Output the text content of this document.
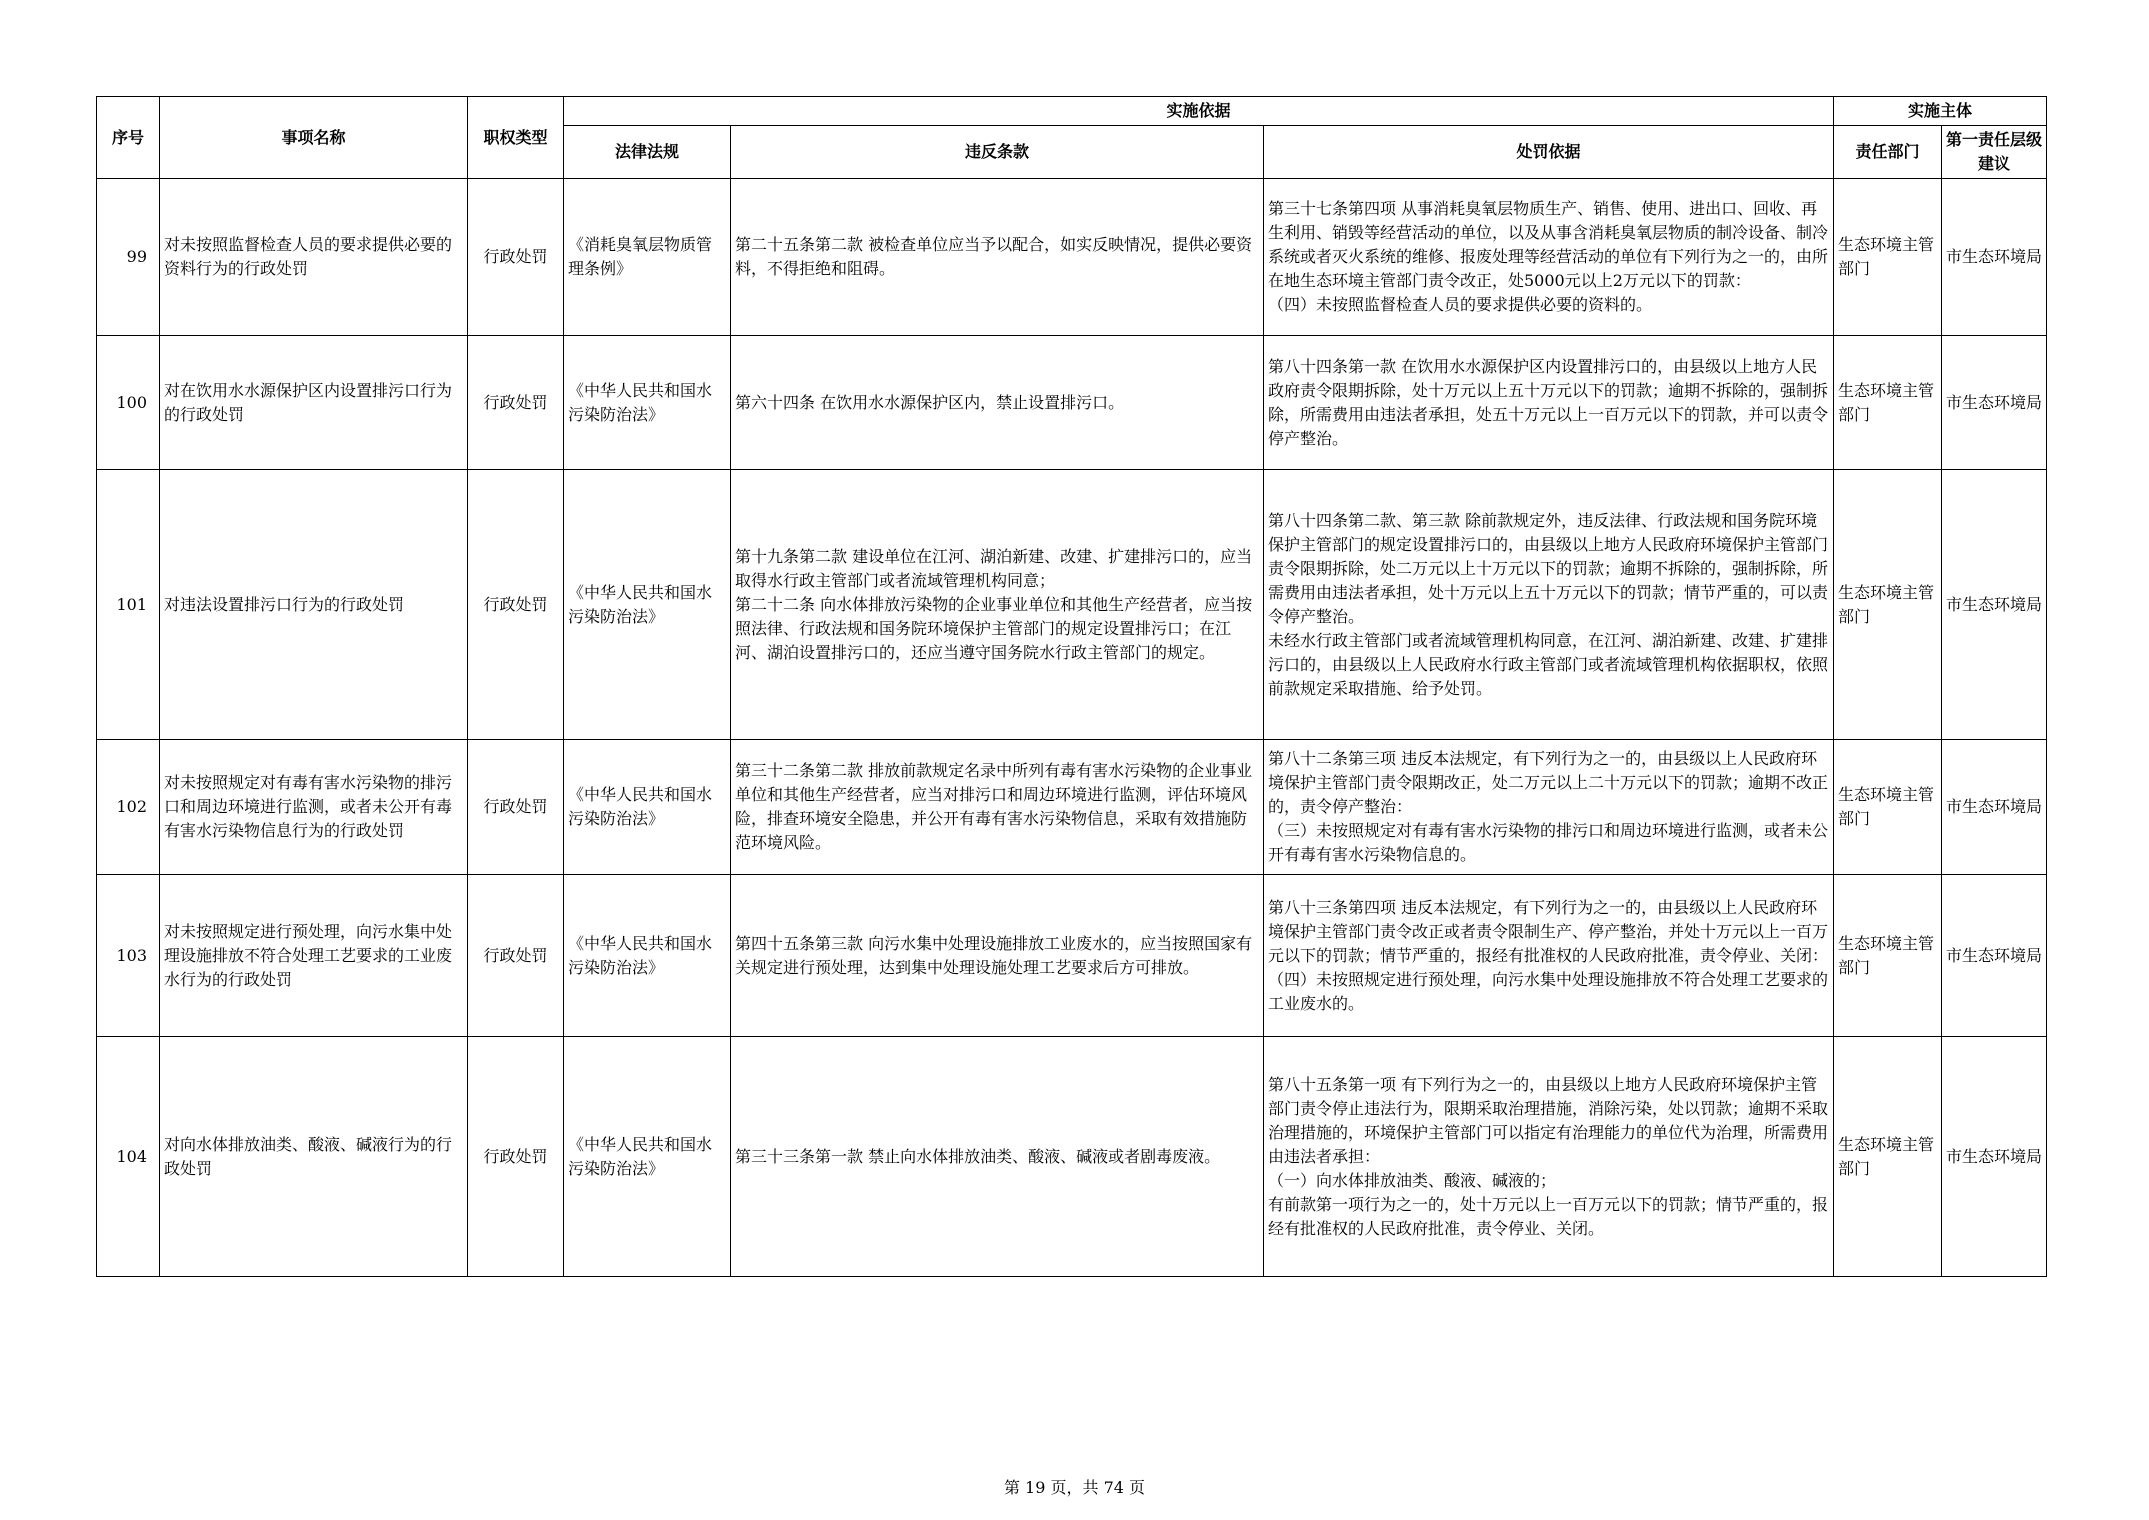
序号	事项名称	职权类型	实施依据			实施主体	
			法律法规	违反条款	处罚依据	责任部门	第一责任层级建议
99	对未按照监督检查人员的要求提供必要的资料行为的行政处罚	行政处罚	《消耗臭氧层物质管理条例》	第二十五条第二款 被检查单位应当予以配合，如实反映情况，提供必要资料，不得拒绝和阻碍。	第三十七条第四项 从事消耗臭氧层物质生产、销售、使用、进出口、回收、再生利用、销毁等经营活动的单位，以及从事含消耗臭氧层物质的制冷设备、制冷系统或者灭火系统的维修、报废处理等经营活动的单位有下列行为之一的，由所在地生态环境主管部门责令改正，处5000元以上2万元以下的罚款：
（四）未按照监督检查人员的要求提供必要的资料的。	生态环境主管部门	市生态环境局
100	对在饮用水水源保护区内设置排污口行为的行政处罚	行政处罚	《中华人民共和国水污染防治法》	第六十四条 在饮用水水源保护区内，禁止设置排污口。	第八十四条第一款 在饮用水水源保护区内设置排污口的，由县级以上地方人民政府责令限期拆除，处十万元以上五十万元以下的罚款；逾期不拆除的，强制拆除，所需费用由违法者承担，处五十万元以上一百万元以下的罚款，并可以责令停产整治。	生态环境主管部门	市生态环境局
101	对违法设置排污口行为的行政处罚	行政处罚	《中华人民共和国水污染防治法》	第十九条第二款 建设单位在江河、湖泊新建、改建、扩建排污口的，应当取得水行政主管部门或者流域管理机构同意；
第二十二条 向水体排放污染物的企业事业单位和其他生产经营者，应当按照法律、行政法规和国务院环境保护主管部门的规定设置排污口；在江河、湖泊设置排污口的，还应当遵守国务院水行政主管部门的规定。	第八十四条第二款、第三款 除前款规定外，违反法律、行政法规和国务院环境保护主管部门的规定设置排污口的，由县级以上地方人民政府环境保护主管部门责令限期拆除，处二万元以上十万元以下的罚款；逾期不拆除的，强制拆除，所需费用由违法者承担，处十万元以上五十万元以下的罚款；情节严重的，可以责令停产整治。
未经水行政主管部门或者流域管理机构同意，在江河、湖泊新建、改建、扩建排污口的，由县级以上人民政府水行政主管部门或者流域管理机构依据职权，依照前款规定采取措施、给予处罚。	生态环境主管部门	市生态环境局
102	对未按照规定对有毒有害水污染物的排污口和周边环境进行监测，或者未公开有毒有害水污染物信息行为的行政处罚	行政处罚	《中华人民共和国水污染防治法》	第三十二条第二款 排放前款规定名录中所列有毒有害水污染物的企业事业单位和其他生产经营者，应当对排污口和周边环境进行监测，评估环境风险，排查环境安全隐患，并公开有毒有害水污染物信息，采取有效措施防范环境风险。	第八十二条第三项 违反本法规定，有下列行为之一的，由县级以上人民政府环境保护主管部门责令限期改正，处二万元以上二十万元以下的罚款；逾期不改正的，责令停产整治：
（三）未按照规定对有毒有害水污染物的排污口和周边环境进行监测，或者未公开有毒有害水污染物信息的。	生态环境主管部门	市生态环境局
103	对未按照规定进行预处理，向污水集中处理设施排放不符合处理工艺要求的工业废水行为的行政处罚	行政处罚	《中华人民共和国水污染防治法》	第四十五条第三款 向污水集中处理设施排放工业废水的，应当按照国家有关规定进行预处理，达到集中处理设施处理工艺要求后方可排放。	第八十三条第四项 违反本法规定，有下列行为之一的，由县级以上人民政府环境保护主管部门责令改正或者责令限制生产、停产整治，并处十万元以上一百万元以下的罚款；情节严重的，报经有批准权的人民政府批准，责令停业、关闭：
（四）未按照规定进行预处理，向污水集中处理设施排放不符合处理工艺要求的工业废水的。	生态环境主管部门	市生态环境局
104	对向水体排放油类、酸液、碱液行为的行政处罚	行政处罚	《中华人民共和国水污染防治法》	第三十三条第一款 禁止向水体排放油类、酸液、碱液或者剧毒废液。	第八十五条第一项 有下列行为之一的，由县级以上地方人民政府环境保护主管部门责令停止违法行为，限期采取治理措施，消除污染，处以罚款；逾期不采取治理措施的，环境保护主管部门可以指定有治理能力的单位代为治理，所需费用由违法者承担：
（一）向水体排放油类、酸液、碱液的；
有前款第一项行为之一的，处十万元以上一百万元以下的罚款；情节严重的，报经有批准权的人民政府批准，责令停业、关闭。	生态环境主管部门	市生态环境局
第 19 页，共 74 页
